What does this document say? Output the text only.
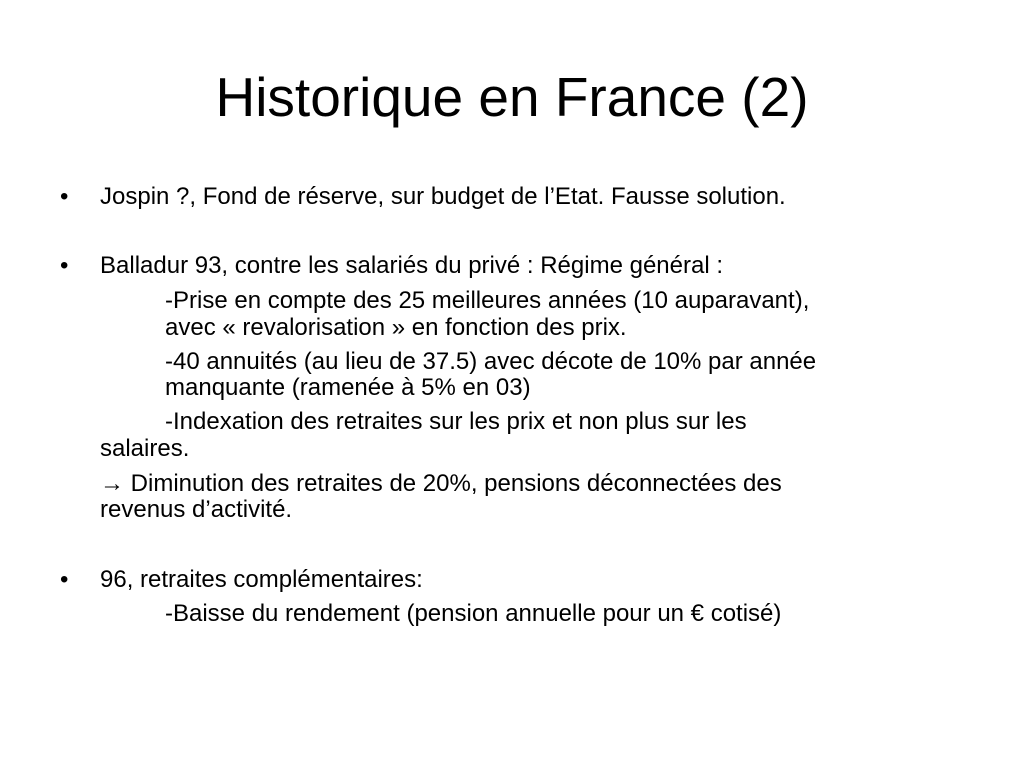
Historique en France (2)
• Jospin ?, Fond de réserve, sur budget de l’Etat. Fausse solution.

• Balladur 93, contre les salariés du privé : Régime général :

-Prise en compte des 25 meilleures années (10 auparavant),

avec « revalorisation » en fonction des prix.

-40 annuités (au lieu de 37.5) avec décote de 10% par année

manquante (ramenée à 5% en 03)

-Indexation des retraites sur les prix et non plus sur les

salaires.

→ Diminution des retraites de 20%, pensions déconnectées des

revenus d’activité.

• 96, retraites complémentaires:

-Baisse du rendement (pension annuelle pour un € cotisé)
